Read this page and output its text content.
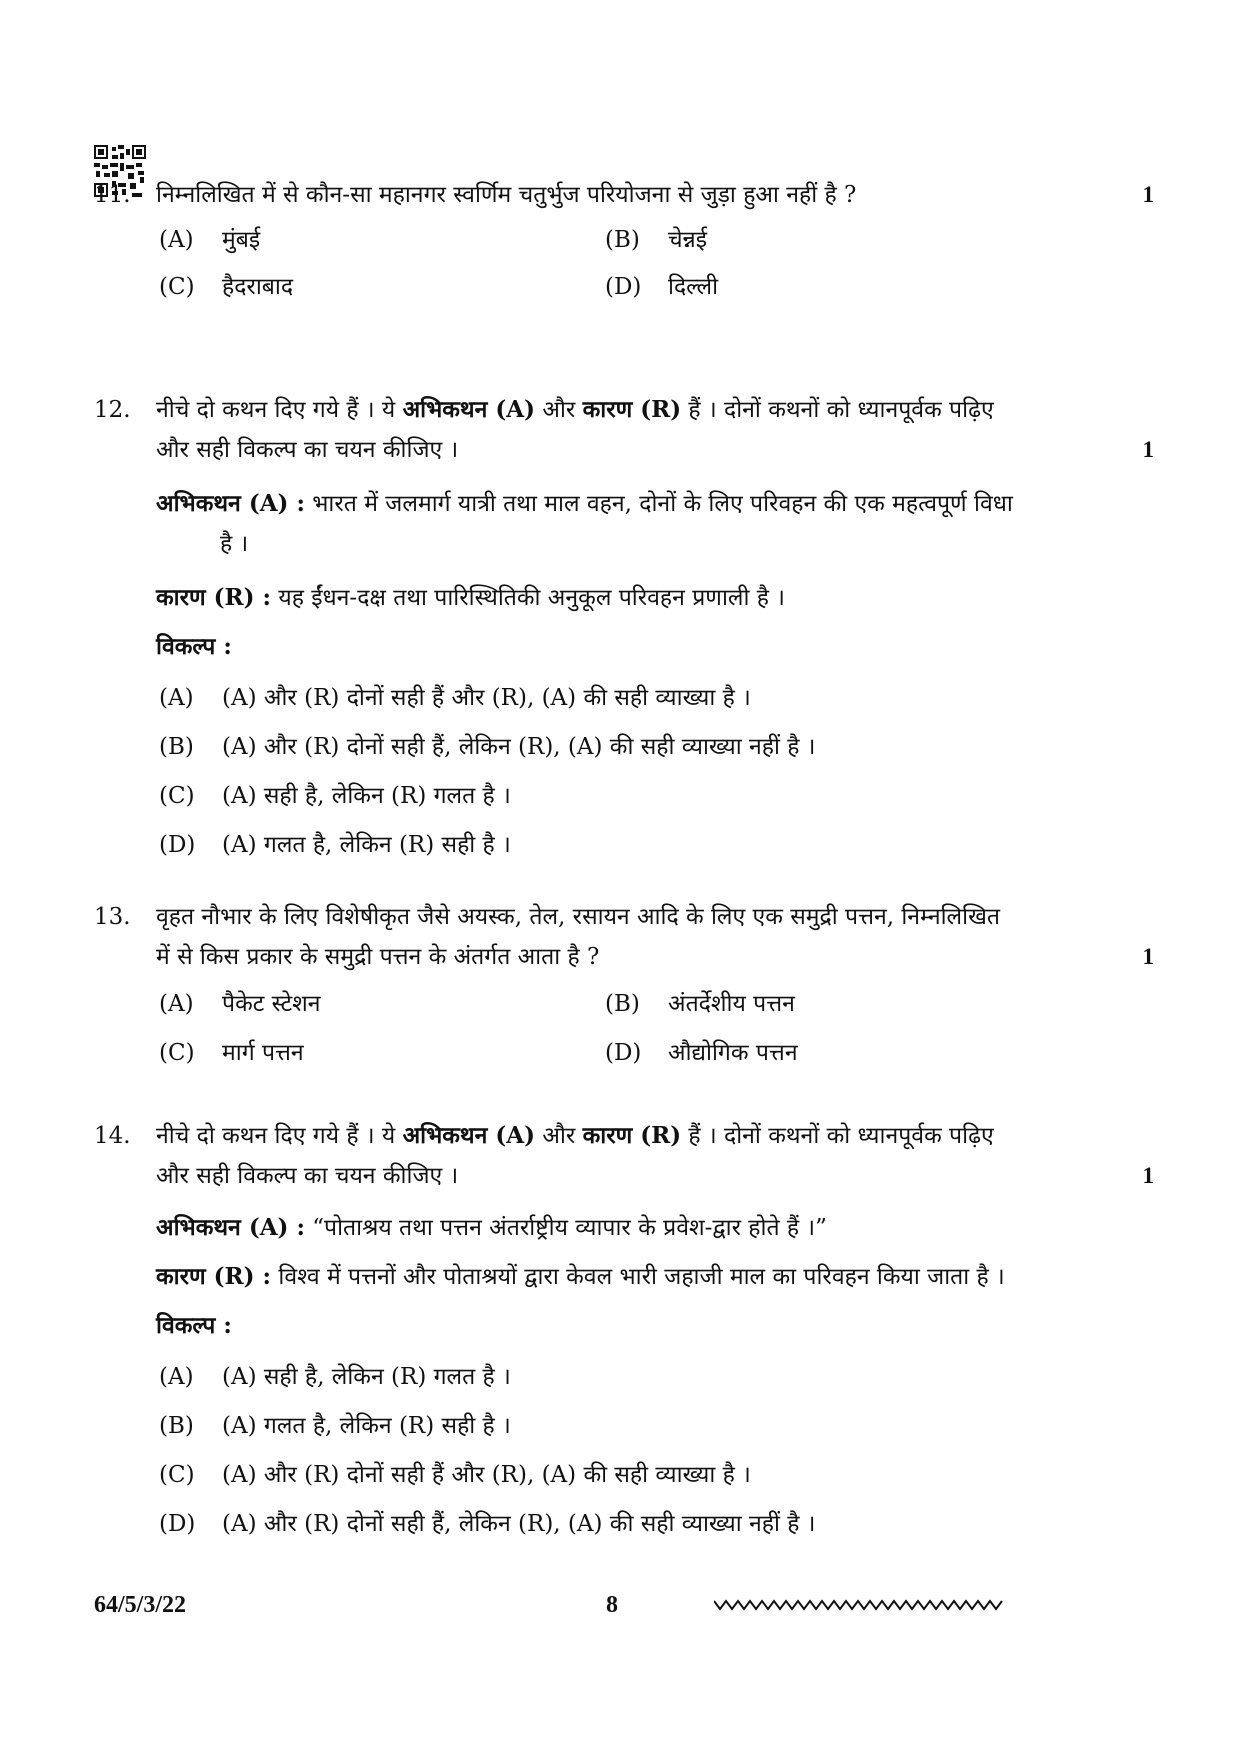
11.	निम्नलिखित में से कौन-सा महानगर स्वर्णिम चतुर्भुज परियोजना से जुड़ा हुआ नहीं है ?	1
(A) मुंबई	(B) चेन्नई
(C) हैदराबाद	(D) दिल्ली
12.	नीचे दो कथन दिए गये हैं । ये अभिकथन (A) और कारण (R) हैं । दोनों कथनों को ध्यानपूर्वक पढ़िए
और सही विकल्प का चयन कीजिए ।	1
अभिकथन (A) : भारत में जलमार्ग यात्री तथा माल वहन, दोनों के लिए परिवहन की एक महत्वपूर्ण विधा
है ।
कारण (R) : यह ईंधन-दक्ष तथा पारिस्थितिकी अनुकूल परिवहन प्रणाली है ।
विकल्प :
(A) (A) और (R) दोनों सही हैं और (R), (A) की सही व्याख्या है ।
(B) (A) और (R) दोनों सही हैं, लेकिन (R), (A) की सही व्याख्या नहीं है ।
(C) (A) सही है, लेकिन (R) गलत है ।
(D) (A) गलत है, लेकिन (R) सही है ।
13.	वृहत नौभार के लिए विशेषीकृत जैसे अयस्क, तेल, रसायन आदि के लिए एक समुद्री पत्तन, निम्नलिखित
में से किस प्रकार के समुद्री पत्तन के अंतर्गत आता है ?	1
(A) पैकेट स्टेशन	(B) अंतर्देशीय पत्तन
(C) मार्ग पत्तन	(D) औद्योगिक पत्तन
14.	नीचे दो कथन दिए गये हैं । ये अभिकथन (A) और कारण (R) हैं । दोनों कथनों को ध्यानपूर्वक पढ़िए
और सही विकल्प का चयन कीजिए ।	1
अभिकथन (A) : “पोताश्रय तथा पत्तन अंतर्राष्ट्रीय व्यापार के प्रवेश-द्वार होते हैं ।”
कारण (R) : विश्व में पत्तनों और पोताश्रयों द्वारा केवल भारी जहाजी माल का परिवहन किया जाता है ।
विकल्प :
(A) (A) सही है, लेकिन (R) गलत है ।
(B) (A) गलत है, लेकिन (R) सही है ।
(C) (A) और (R) दोनों सही हैं और (R), (A) की सही व्याख्या है ।
(D) (A) और (R) दोनों सही हैं, लेकिन (R), (A) की सही व्याख्या नहीं है ।
64/5/3/22	8
